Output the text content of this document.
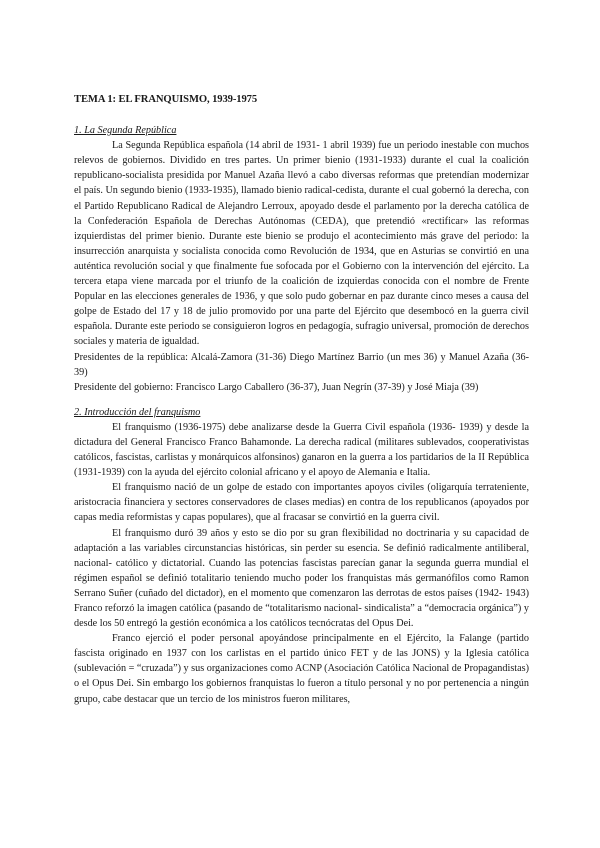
TEMA 1: EL FRANQUISMO, 1939-1975
1. La Segunda República

La Segunda República española (14 abril de 1931- 1 abril 1939) fue un periodo inestable con muchos relevos de gobiernos. Dividido en tres partes. Un primer bienio (1931-1933) durante el cual la coalición republicano-socialista presidida por Manuel Azaña llevó a cabo diversas reformas que pretendían modernizar el país. Un segundo bienio (1933-1935), llamado bienio radical-cedista, durante el cual gobernó la derecha, con el Partido Republicano Radical de Alejandro Lerroux, apoyado desde el parlamento por la derecha católica de la Confederación Española de Derechas Autónomas (CEDA), que pretendió «rectificar» las reformas izquierdistas del primer bienio. Durante este bienio se produjo el acontecimiento más grave del periodo: la insurrección anarquista y socialista conocida como Revolución de 1934, que en Asturias se convirtió en una auténtica revolución social y que finalmente fue sofocada por el Gobierno con la intervención del ejército. La tercera etapa viene marcada por el triunfo de la coalición de izquierdas conocida con el nombre de Frente Popular en las elecciones generales de 1936, y que solo pudo gobernar en paz durante cinco meses a causa del golpe de Estado del 17 y 18 de julio promovido por una parte del Ejército que desembocó en la guerra civil española. Durante este periodo se consiguieron logros en pedagogía, sufragio universal, promoción de derechos sociales y materia de igualdad.

Presidentes de la república: Alcalá-Zamora (31-36) Diego Martínez Barrio (un mes 36) y Manuel Azaña (36-39)

Presidente del gobierno: Francisco Largo Caballero (36-37), Juan Negrín (37-39) y José Miaja (39)

2. Introducción del franquismo

El franquismo (1936-1975) debe analizarse desde la Guerra Civil española (1936- 1939) y desde la dictadura del General Francisco Franco Bahamonde. La derecha radical (militares sublevados, cooperativistas católicos, fascistas, carlistas y monárquicos alfonsinos) ganaron en la guerra a los partidarios de la II República (1931-1939) con la ayuda del ejército colonial africano y el apoyo de Alemania e Italia.

El franquismo nació de un golpe de estado con importantes apoyos civiles (oligarquía terrateniente, aristocracia financiera y sectores conservadores de clases medias) en contra de los republicanos (apoyados por capas media reformistas y capas populares), que al fracasar se convirtió en la guerra civil.

El franquismo duró 39 años y esto se dio por su gran flexibilidad no doctrinaria y su capacidad de adaptación a las variables circunstancias históricas, sin perder su esencia. Se definió radicalmente antiliberal, nacional- católico y dictatorial. Cuando las potencias fascistas parecían ganar la segunda guerra mundial el régimen español se definió totalitario teniendo mucho poder los franquistas más germanófilos como Ramon Serrano Suñer (cuñado del dictador), en el momento que comenzaron las derrotas de estos países (1942- 1943) Franco reforzó la imagen católica (pasando de “totalitarismo nacional- sindicalista” a “democracia orgánica”) y desde los 50 entregó la gestión económica a los católicos tecnócratas del Opus Dei.

Franco ejerció el poder personal apoyándose principalmente en el Ejército, la Falange (partido fascista originado en 1937 con los carlistas en el partido único FET y de las JONS) y la Iglesia católica (sublevación = “cruzada”) y sus organizaciones como ACNP (Asociación Católica Nacional de Propagandistas) o el Opus Dei. Sin embargo los gobiernos franquistas lo fueron a título personal y no por pertenencia a ningún grupo, cabe destacar que un tercio de los ministros fueron militares,
